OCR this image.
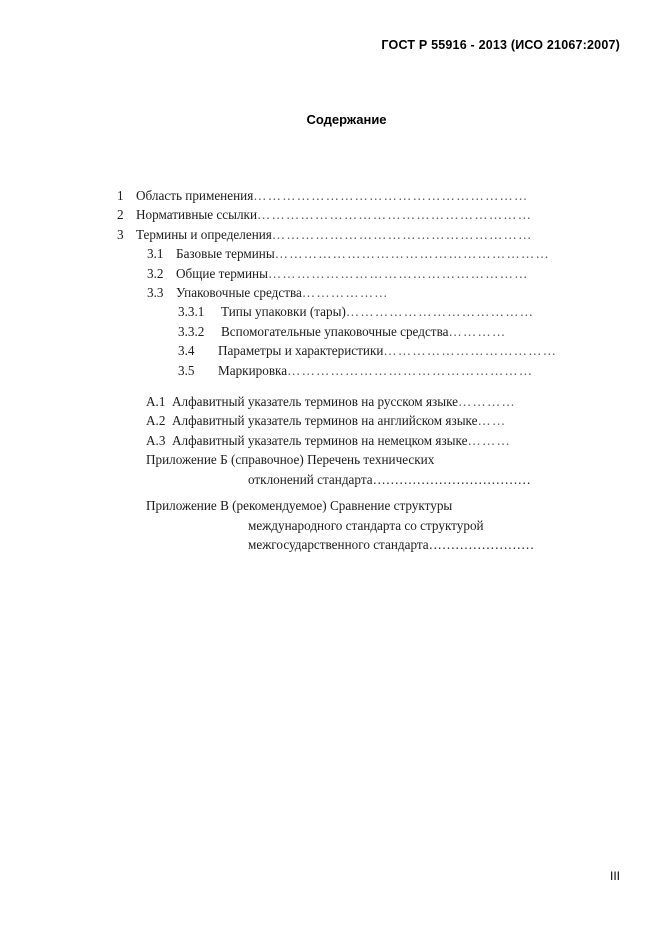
ГОСТ Р 55916 - 2013 (ИСО 21067:2007)
Содержание
1 Область применения …………………………………………………
2 Нормативные ссылки …………………………………………………
3 Термины и определения ………………………………………………
3.1 Базовые термины …………………………………………………
3.2 Общие термины ………………………………………………
3.3 Упаковочные средства ………………
3.3.1	Типы упаковки (тары) …………………………………
3.3.2	Вспомогательные упаковочные средства …………
3.4	Параметры и характеристики ………………………………
3.5	Маркировка ……………………………………………
А.1 Алфавитный указатель терминов на русском языке …………
А.2 Алфавитный указатель терминов на английском языке ……
А.3 Алфавитный указатель терминов на немецком языке ………
Приложение Б (справочное) Перечень технических
отклонений стандарта ………………………………
Приложение В (рекомендуемое) Сравнение структуры
международного стандарта со структурой
межгосударственного стандарта ……………………
III
